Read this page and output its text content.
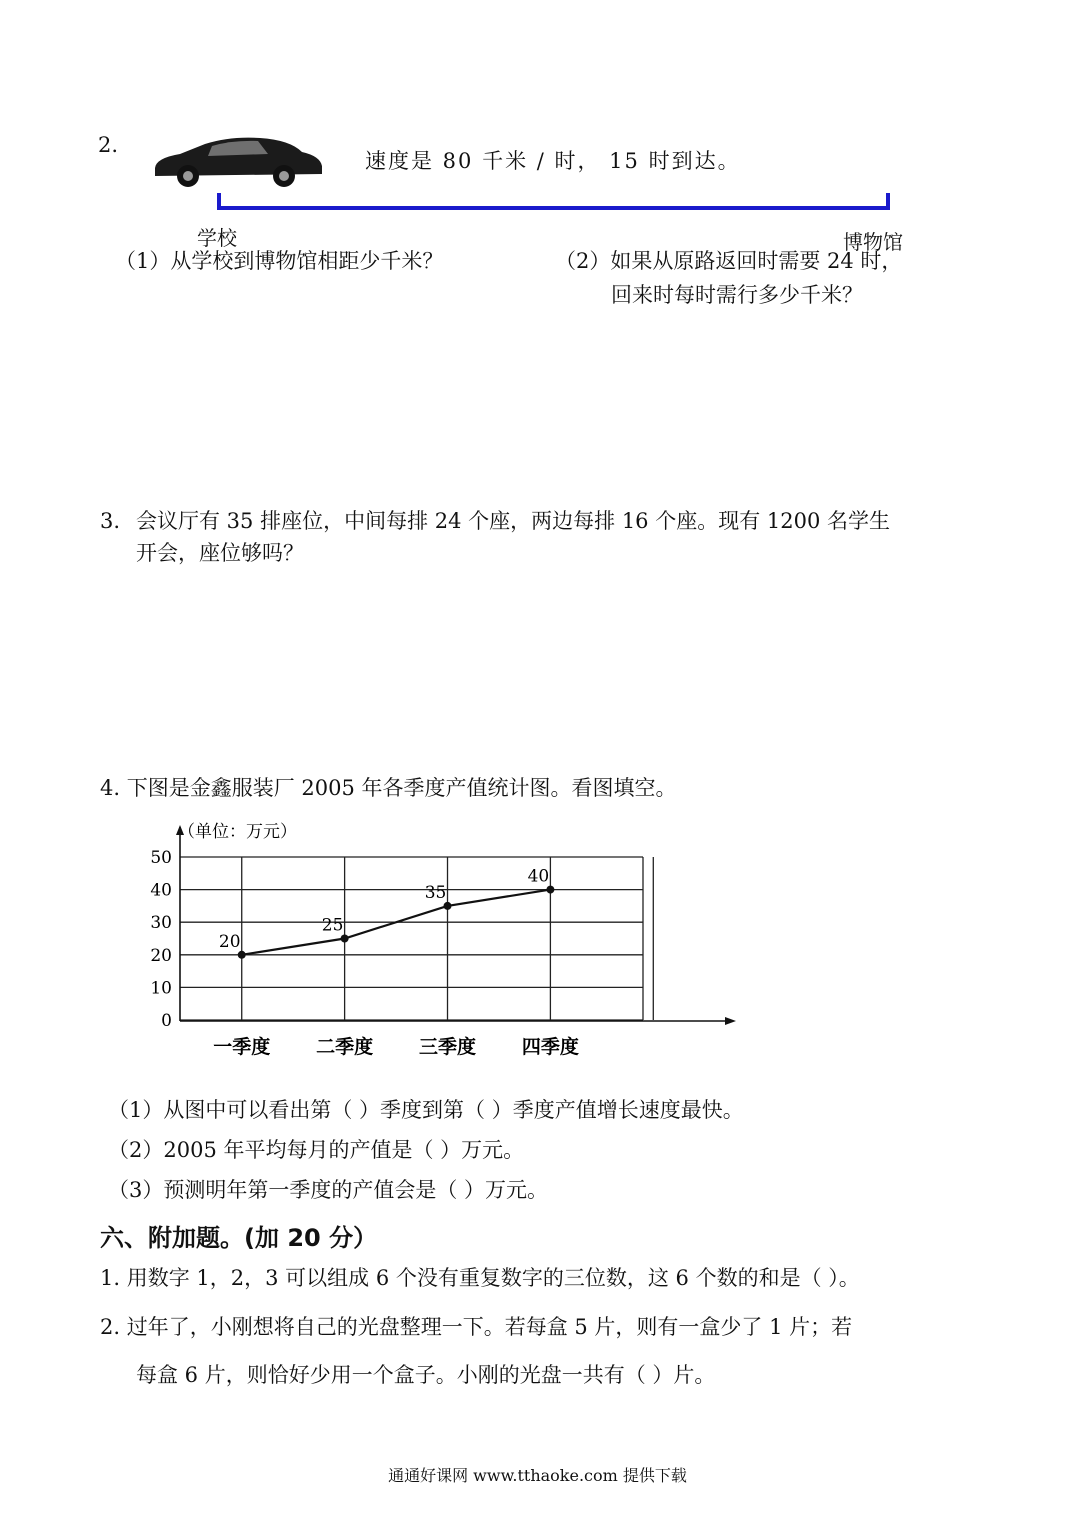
2.
速度是 80 千米 / 时， 15 时到达。
学校	博物馆
（1）从学校到博物馆相距少千米？	（2）如果从原路返回时需要 24 时，
回来时每时需行多少千米？
3. 会议厅有 35 排座位，中间每排 24 个座，两边每排 16 个座。现有 1200 名学生
开会，座位够吗？
4. 下图是金鑫服装厂 2005 年各季度产值统计图。看图填空。
0
10
20
30
40
50
一季度 二季度 三季度 四季度
20
25
35
40
（单位：万元）
（1）从图中可以看出第（ ）季度到第（ ）季度产值增长速度最快。
（2）2005 年平均每月的产值是（ ）万元。
（3）预测明年第一季度的产值会是（ ）万元。
六、附加题。(加 20 分）
1. 用数字 1，2，3 可以组成 6 个没有重复数字的三位数，这 6 个数的和是（ ）。
2. 过年了，小刚想将自己的光盘整理一下。若每盒 5 片，则有一盒少了 1 片；若
每盒 6 片，则恰好少用一个盒子。小刚的光盘一共有（ ）片。
通通好课网 www.tthaoke.com 提供下载
